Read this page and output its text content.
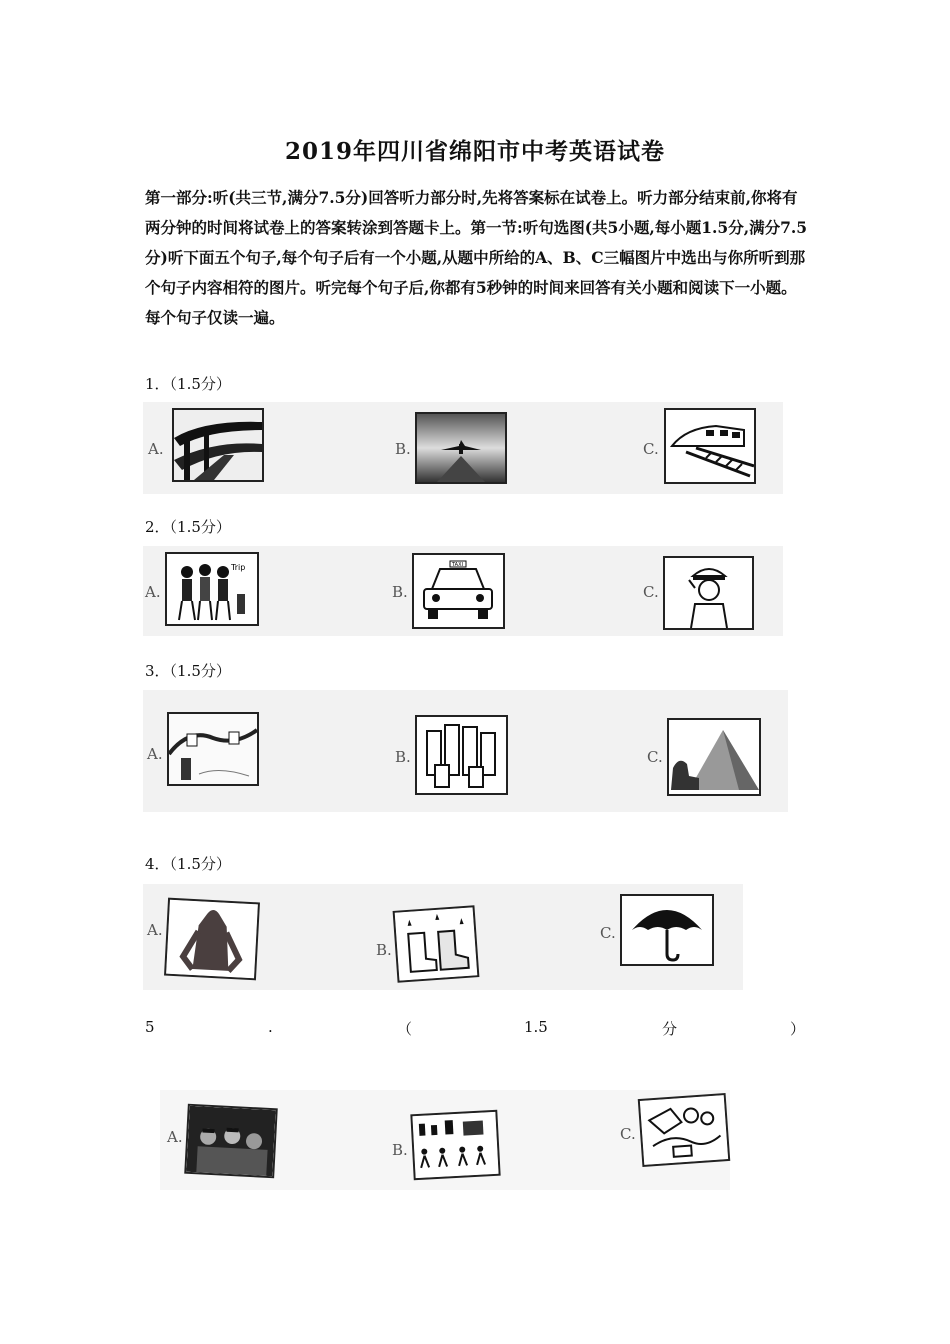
2019年四川省绵阳市中考英语试卷

第一部分:听(共三节,满分7.5分)回答听力部分时,先将答案标在试卷上。听力部分结束前,你将有两分钟的时间将试卷上的答案转涂到答题卡上。第一节:听句选图(共5小题,每小题1.5分,满分7.5分)听下面五个句子,每个句子后有一个小题,从题中所给的A、B、C三幅图片中选出与你所听到那个句子内容相符的图片。听完每个句子后,你都有5秒钟的时间来回答有关小题和阅读下一小题。每个句子仅读一遍。

1．（1.5分）
A.	B.	C.
2．（1.5分）
A.
Trip
B.
TAXI
C.
3．（1.5分）
A.	B.	C.
4．（1.5分）
A.
B.
C.
5	.	（	1.5	分	）
A.
B.
C.
